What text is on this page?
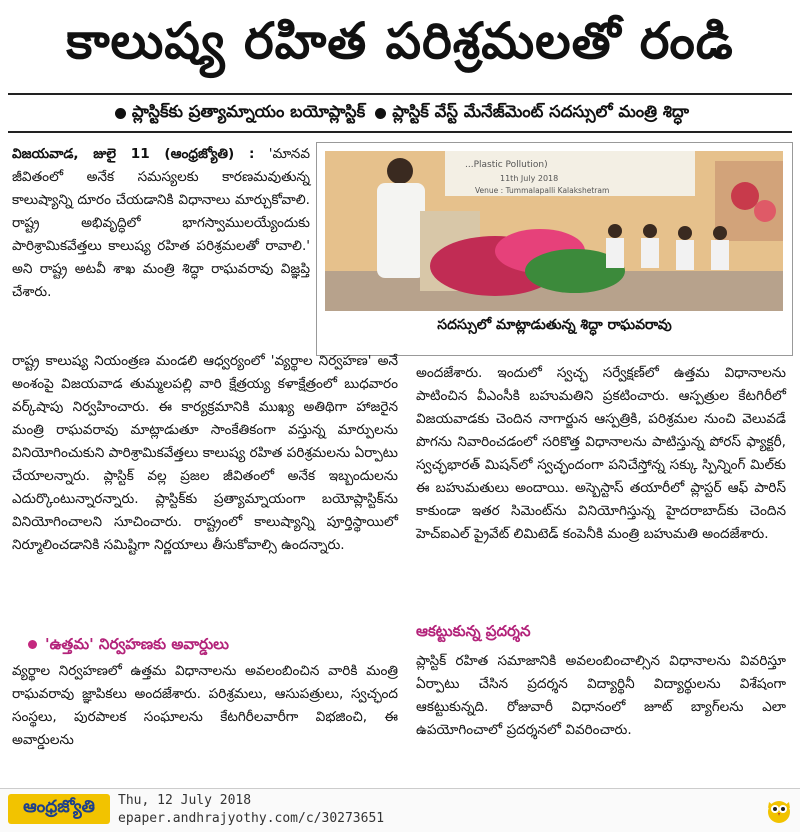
కాలుష్య రహిత పరిశ్రమలతో రండి
ప్లాస్టిక్‌కు ప్రత్యామ్నాయం బయోప్లాస్టిక్ ప్లాస్టిక్ వేస్ట్ మేనేజ్‌మెంట్ సదస్సులో మంత్రి శిద్ధా
...Plastic Pollution)
11th July 2018
Venue : Tummalapalli Kalakshetram
సదస్సులో మాట్లాడుతున్న శిద్ధా రాఘవరావు

విజయవాడ, జులై 11 (ఆంధ్రజ్యోతి) : 'మానవ జీవితంలో అనేక సమస్యలకు కారణమవుతున్న కాలుష్యాన్ని దూరం చేయడానికి విధానాలు మార్చుకోవాలి. రాష్ట్ర అభివృద్ధిలో భాగస్వాములయ్యేందుకు పారిశ్రామికవేత్తలు కాలుష్య రహిత పరిశ్రమలతో రావాలి.' అని రాష్ట్ర అటవీ శాఖ మంత్రి శిద్ధా రాఘవరావు విజ్ఞప్తి చేశారు.

రాష్ట్ర కాలుష్య నియంత్రణ మండలి ఆధ్వర్యంలో 'వ్యర్థాల నిర్వహణ' అనే అంశంపై విజయవాడ తుమ్మలపల్లి వారి క్షేత్రయ్య కళాక్షేత్రంలో బుధవారం వర్క్‌షాపు నిర్వహించారు. ఈ కార్యక్రమానికి ముఖ్య అతిథిగా హాజరైన మంత్రి రాఘవరావు మాట్లాడుతూ సాంకేతికంగా వస్తున్న మార్పులను వినియోగించుకుని పారిశ్రామికవేత్తలు కాలుష్య రహిత పరిశ్రమలను ఏర్పాటు చేయాలన్నారు. ప్లాస్టిక్ వల్ల ప్రజల జీవితంలో అనేక ఇబ్బందులను ఎదుర్కొంటున్నారన్నారు. ప్లాస్టిక్‌కు ప్రత్యామ్నాయంగా బయోప్లాస్టిక్‌ను వినియోగించాలని సూచించారు. రాష్ట్రంలో కాలుష్యాన్ని పూర్తిస్థాయిలో నిర్మూలించడానికి సమిష్టిగా నిర్ణయాలు తీసుకోవాల్సి ఉందన్నారు.

'ఉత్తమ' నిర్వహణకు అవార్డులు

వ్యర్థాల నిర్వహణలో ఉత్తమ విధానాలను అవలంబించిన వారికి మంత్రి రాఘవరావు జ్ఞాపికలు అందజేశారు. పరిశ్రమలు, ఆసుపత్రులు, స్వచ్ఛంద సంస్థలు, పురపాలక సంఘాలను కేటగిరీలవారీగా విభజించి, ఈ అవార్డులను

అందజేశారు. ఇందులో స్వచ్ఛ సర్వేక్షణ్‌లో ఉత్తమ విధానాలను పాటించిన వీఎంసీకి బహుమతిని ప్రకటించారు. ఆస్పత్రుల కేటగిరీలో విజయవాడకు చెందిన నాగార్జున ఆస్పత్రికి, పరిశ్రమల నుంచి వెలువడే పొగను నివారించడంలో సరికొత్త విధానాలను పాటిస్తున్న పోరస్ ఫ్యాక్టరీ, స్వచ్ఛభారత్ మిషన్‌లో స్వచ్ఛందంగా పనిచేస్తోన్న సక్కు స్పిన్నింగ్ మిల్‌కు ఈ బహుమతులు అందాయి. అస్బెస్టాస్ తయారీలో ప్లాస్టర్ ఆఫ్ పారిస్ కాకుండా ఇతర సిమెంట్‌ను వినియోగిస్తున్న హైదరాబాద్‌కు చెందిన హెచ్ఐఎల్ ప్రైవేట్ లిమిటెడ్ కంపెనీకి మంత్రి బహుమతి అందజేశారు.

ఆకట్టుకున్న ప్రదర్శన

ప్లాస్టిక్ రహిత సమాజానికి అవలంబించాల్సిన విధానాలను వివరిస్తూ ఏర్పాటు చేసిన ప్రదర్శన విద్యార్థినీ విద్యార్థులను విశేషంగా ఆకట్టుకున్నది. రోజువారీ విధానంలో జూట్ బ్యాగ్‌లను ఎలా ఉపయోగించాలో ప్రదర్శనలో వివరించారు.

ఆంధ్రజ్యోతి	Thu, 12 July 2018
epaper.andhrajyothy.com/c/30273651
